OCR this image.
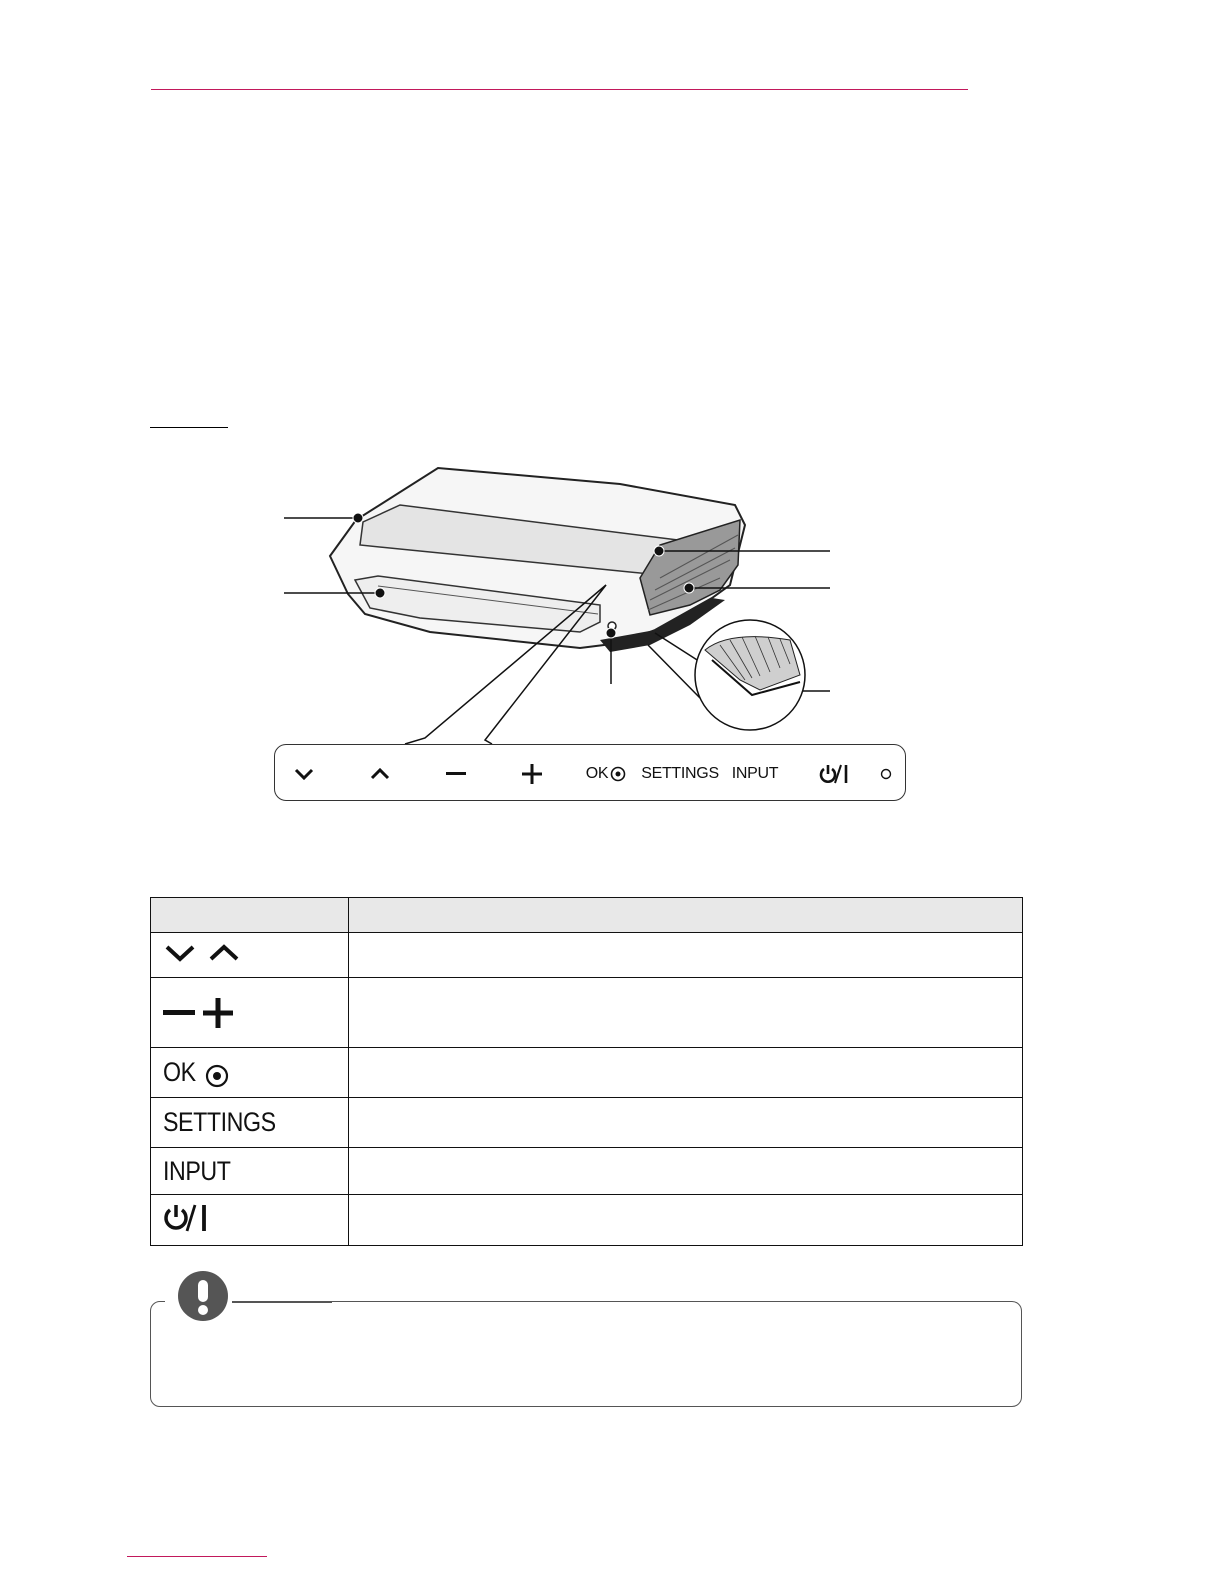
OK SETTINGS INPUT

OK	
SETTINGS	
INPUT	
